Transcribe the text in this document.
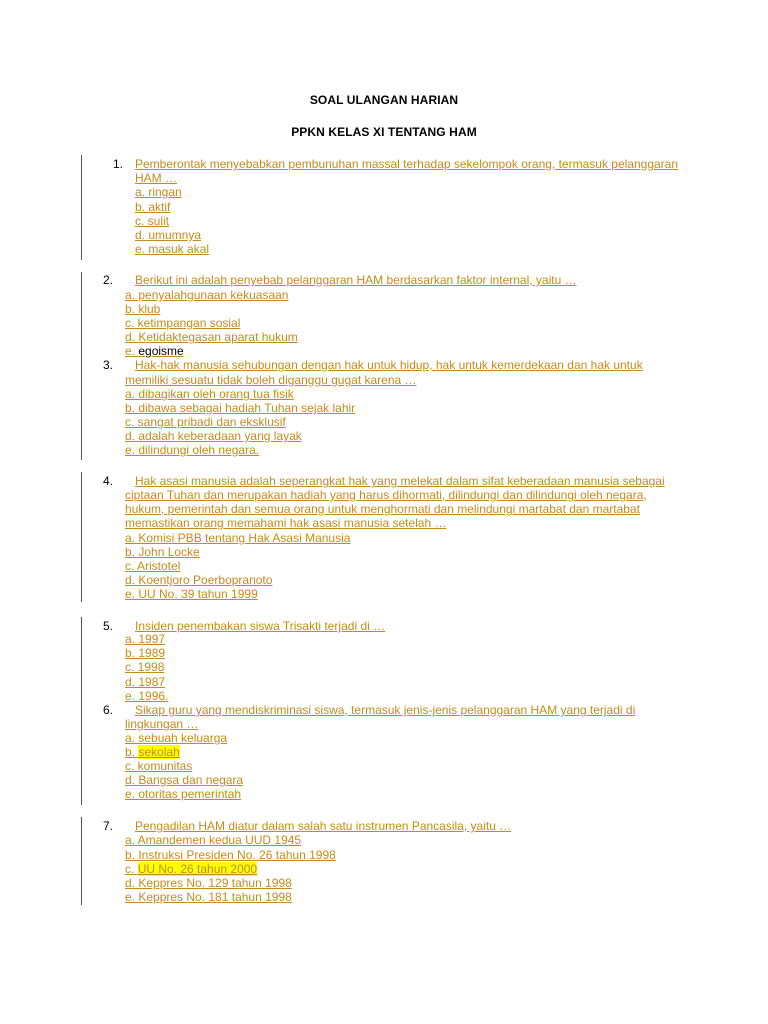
SOAL ULANGAN HARIAN
PPKN KELAS XI TENTANG HAM
1. Pemberontak menyebabkan pembunuhan massal terhadap sekelompok orang, termasuk pelanggaran
HAM …
a. ringan
b. aktif
c. sulit
d. umumnya
e. masuk akal
2. Berikut ini adalah penyebab pelanggaran HAM berdasarkan faktor internal, yaitu …
a. penyalahgunaan kekuasaan
b. klub
c. ketimpangan sosial
d. Ketidaktegasan aparat hukum
e. egoisme
3. Hak-hak manusia sehubungan dengan hak untuk hidup, hak untuk kemerdekaan dan hak untuk
memiliki sesuatu tidak boleh diganggu gugat karena …
a. dibagikan oleh orang tua fisik
b. dibawa sebagai hadiah Tuhan sejak lahir
c. sangat pribadi dan eksklusif
d. adalah keberadaan yang layak
e. dilindungi oleh negara.
4. Hak asasi manusia adalah seperangkat hak yang melekat dalam sifat keberadaan manusia sebagai
ciptaan Tuhan dan merupakan hadiah yang harus dihormati, dilindungi dan dilindungi oleh negara,
hukum, pemerintah dan semua orang untuk menghormati dan melindungi martabat dan martabat
memastikan orang memahami hak asasi manusia setelah …
a. Komisi PBB tentang Hak Asasi Manusia
b. John Locke
c. Aristotel
d. Koentjoro Poerbopranoto
e. UU No. 39 tahun 1999
5. Insiden penembakan siswa Trisakti terjadi di …
a. 1997
b. 1989
c. 1998
d. 1987
e. 1996.
6. Sikap guru yang mendiskriminasi siswa, termasuk jenis-jenis pelanggaran HAM yang terjadi di
lingkungan …
a. sebuah keluarga
b. sekolah
c. komunitas
d. Bangsa dan negara
e. otoritas pemerintah
7. Pengadilan HAM diatur dalam salah satu instrumen Pancasila, yaitu …
a. Amandemen kedua UUD 1945
b. Instruksi Presiden No. 26 tahun 1998
c. UU No. 26 tahun 2000
d. Keppres No. 129 tahun 1998
e. Keppres No. 181 tahun 1998
